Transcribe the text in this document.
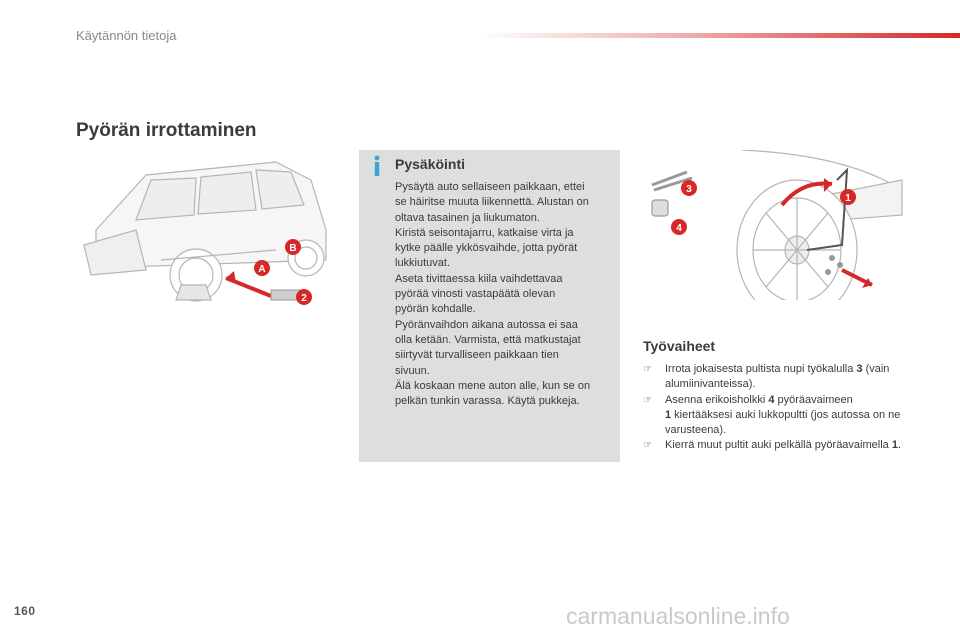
Käytännön tietoja
Pyörän irrottaminen
A
B
2
Pysäköinti

Pysäytä auto sellaiseen paikkaan, ettei
se häiritse muuta liikennettä. Alustan on
oltava tasainen ja liukumaton.
Kiristä seisontajarru, katkaise virta ja
kytke päälle ykkösvaihde, jotta pyörät
lukkiutuvat.
Aseta tivittaessa kiila vaihdettavaa
pyörää vinosti vastapäätä olevan
pyörän kohdalle.
Pyöränvaihdon aikana autossa ei saa
olla ketään. Varmista, että matkustajat
siirtyvät turvalliseen paikkaan tien
sivuun.
Älä koskaan mene auton alle, kun se on
pelkän tunkin varassa. Käytä pukkeja.

1
3
4
Työvaiheet
☞ Irrota jokaisesta pultista nupi työkalulla 3 (vain alumiinivanteissa).
☞ Asenna erikoisholkki 4 pyöräavaimeen
1 kiertääksesi auki lukkopultti (jos autossa on ne varusteena).
☞ Kierrä muut pultit auki pelkällä pyöräavaimella 1.
160	carmanualsonline.info
